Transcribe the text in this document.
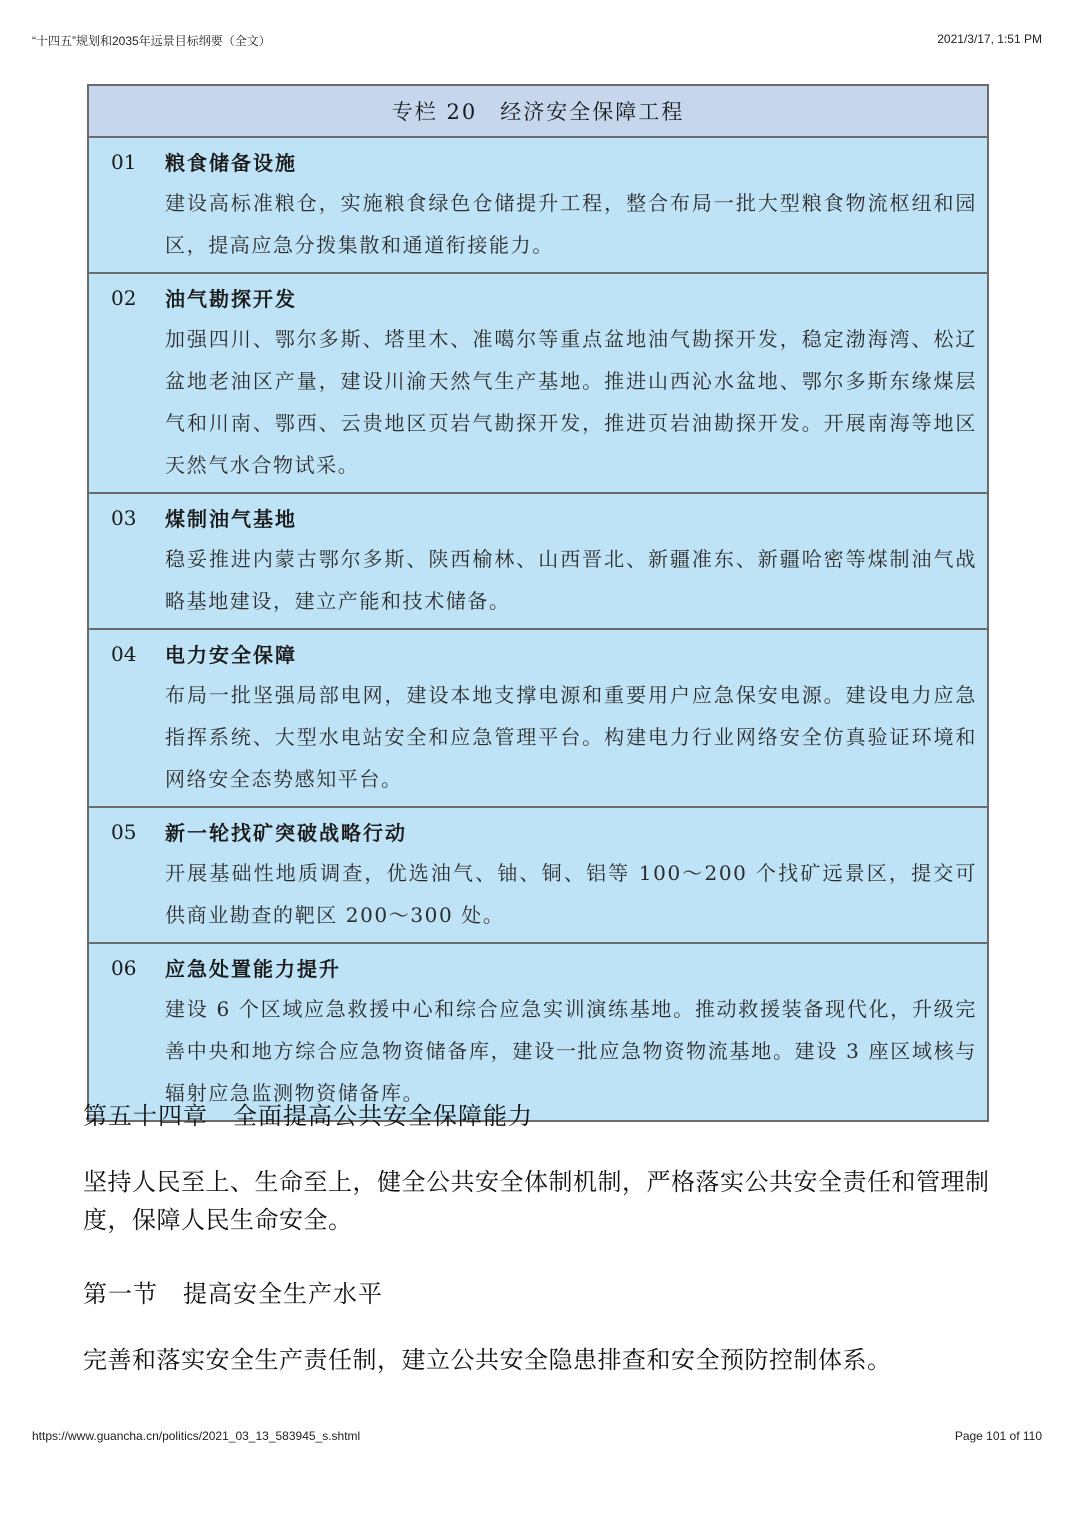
“十四五”规划和2035年远景目标纲要（全文）	2021/3/17, 1:51 PM
专栏 20　经济安全保障工程
01 粮食储备设施
建设高标准粮仓，实施粮食绿色仓储提升工程，整合布局一批大型粮食物流枢纽和园区，提高应急分拨集散和通道衔接能力。
02 油气勘探开发
加强四川、鄂尔多斯、塔里木、准噶尔等重点盆地油气勘探开发，稳定渤海湾、松辽盆地老油区产量，建设川渝天然气生产基地。推进山西沁水盆地、鄂尔多斯东缘煤层气和川南、鄂西、云贵地区页岩气勘探开发，推进页岩油勘探开发。开展南海等地区天然气水合物试采。
03 煤制油气基地
稳妥推进内蒙古鄂尔多斯、陕西榆林、山西晋北、新疆准东、新疆哈密等煤制油气战略基地建设，建立产能和技术储备。
04 电力安全保障
布局一批坚强局部电网，建设本地支撑电源和重要用户应急保安电源。建设电力应急指挥系统、大型水电站安全和应急管理平台。构建电力行业网络安全仿真验证环境和网络安全态势感知平台。
05 新一轮找矿突破战略行动
开展基础性地质调查，优选油气、铀、铜、铝等 100～200 个找矿远景区，提交可供商业勘查的靶区 200～300 处。
06 应急处置能力提升
建设 6 个区域应急救援中心和综合应急实训演练基地。推动救援装备现代化，升级完善中央和地方综合应急物资储备库，建设一批应急物资物流基地。建设 3 座区域核与辐射应急监测物资储备库。
第五十四章　全面提高公共安全保障能力
坚持人民至上、生命至上，健全公共安全体制机制，严格落实公共安全责任和管理制度，保障人民生命安全。
第一节　提高安全生产水平
完善和落实安全生产责任制，建立公共安全隐患排查和安全预防控制体系。
https://www.guancha.cn/politics/2021_03_13_583945_s.shtml	Page 101 of 110
